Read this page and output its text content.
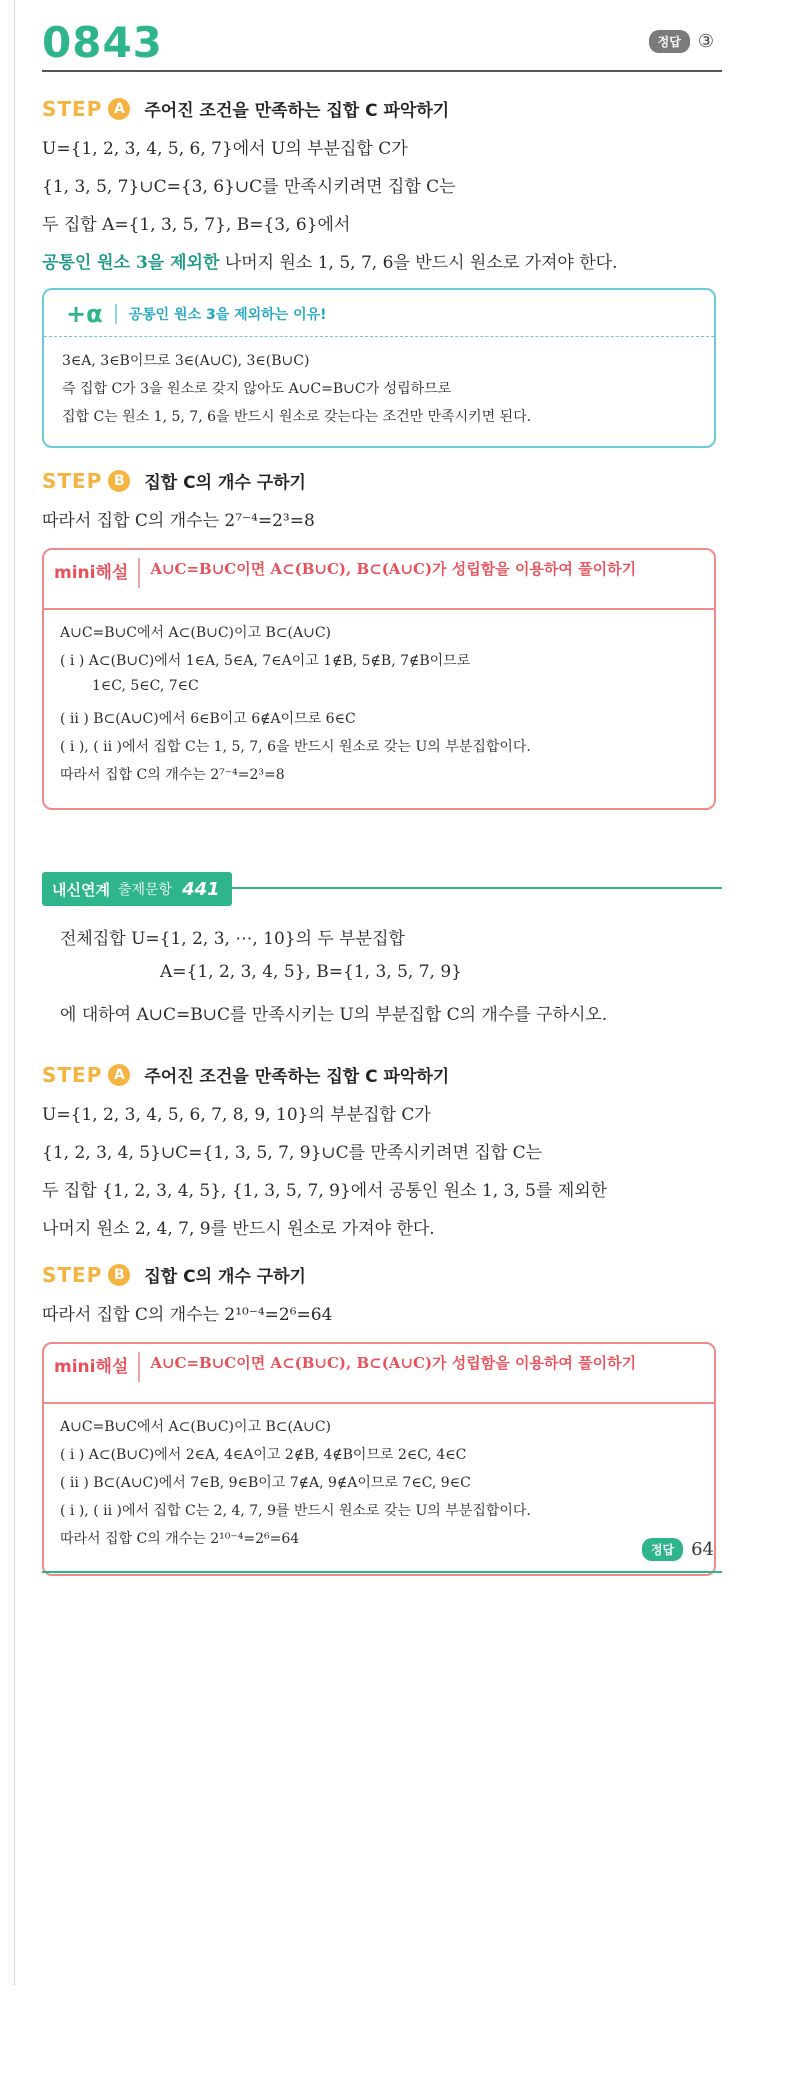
0843	정답 ③
STEP A	주어진 조건을 만족하는 집합 C 파악하기
U={1, 2, 3, 4, 5, 6, 7}에서 U의 부분집합 C가
{1, 3, 5, 7}∪C={3, 6}∪C를 만족시키려면 집합 C는
두 집합 A={1, 3, 5, 7}, B={3, 6}에서
공통인 원소 3을 제외한 나머지 원소 1, 5, 7, 6을 반드시 원소로 가져야 한다.
+α 공통인 원소 3을 제외하는 이유!
3∈A, 3∈B이므로 3∈(A∪C), 3∈(B∪C)
즉 집합 C가 3을 원소로 갖지 않아도 A∪C=B∪C가 성립하므로
집합 C는 원소 1, 5, 7, 6을 반드시 원소로 갖는다는 조건만 만족시키면 된다.
STEP B	집합 C의 개수 구하기
따라서 집합 C의 개수는 2⁷⁻⁴=2³=8
mini해설 A∪C=B∪C이면 A⊂(B∪C), B⊂(A∪C)가 성립함을 이용하여 풀이하기
A∪C=B∪C에서 A⊂(B∪C)이고 B⊂(A∪C)
( i ) A⊂(B∪C)에서 1∈A, 5∈A, 7∈A이고 1∉B, 5∉B, 7∉B이므로
1∈C, 5∈C, 7∈C
( ii ) B⊂(A∪C)에서 6∈B이고 6∉A이므로 6∈C
( i ), ( ii )에서 집합 C는 1, 5, 7, 6을 반드시 원소로 갖는 U의 부분집합이다.
따라서 집합 C의 개수는 2⁷⁻⁴=2³=8
내신연계 출제문항 441
전체집합 U={1, 2, 3, ⋯, 10}의 두 부분집합
A={1, 2, 3, 4, 5}, B={1, 3, 5, 7, 9}
에 대하여 A∪C=B∪C를 만족시키는 U의 부분집합 C의 개수를 구하시오.
STEP A	주어진 조건을 만족하는 집합 C 파악하기
U={1, 2, 3, 4, 5, 6, 7, 8, 9, 10}의 부분집합 C가
{1, 2, 3, 4, 5}∪C={1, 3, 5, 7, 9}∪C를 만족시키려면 집합 C는
두 집합 {1, 2, 3, 4, 5}, {1, 3, 5, 7, 9}에서 공통인 원소 1, 3, 5를 제외한
나머지 원소 2, 4, 7, 9를 반드시 원소로 가져야 한다.
STEP B	집합 C의 개수 구하기
따라서 집합 C의 개수는 2¹⁰⁻⁴=2⁶=64
mini해설 A∪C=B∪C이면 A⊂(B∪C), B⊂(A∪C)가 성립함을 이용하여 풀이하기
A∪C=B∪C에서 A⊂(B∪C)이고 B⊂(A∪C)
( i ) A⊂(B∪C)에서 2∈A, 4∈A이고 2∉B, 4∉B이므로 2∈C, 4∈C
( ii ) B⊂(A∪C)에서 7∈B, 9∈B이고 7∉A, 9∉A이므로 7∈C, 9∈C
( i ), ( ii )에서 집합 C는 2, 4, 7, 9를 반드시 원소로 갖는 U의 부분집합이다.
따라서 집합 C의 개수는 2¹⁰⁻⁴=2⁶=64
정답 64
